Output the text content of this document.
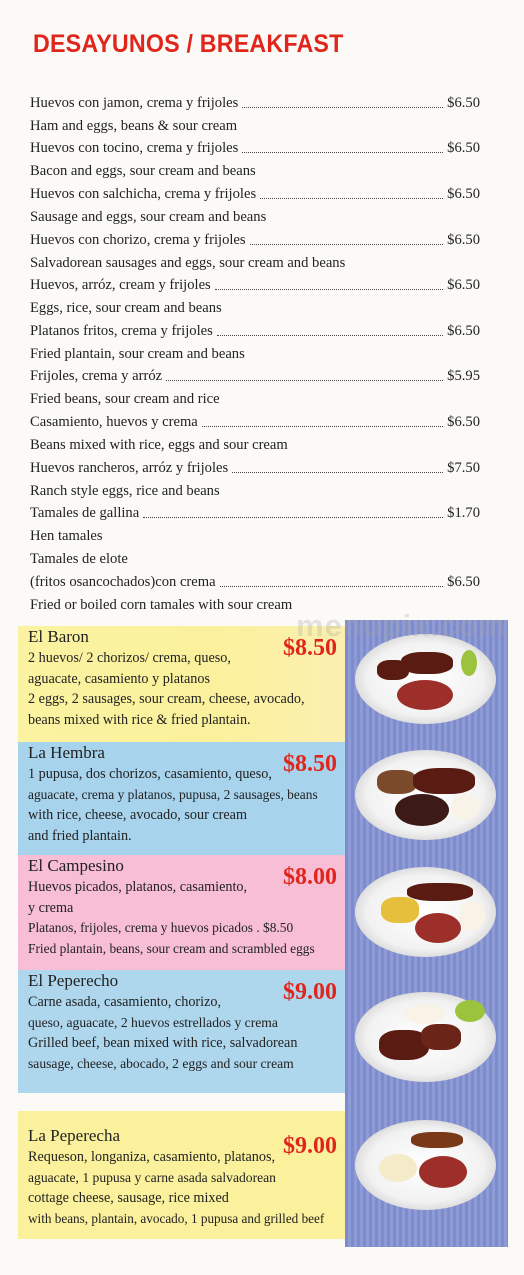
DESAYUNOS / BREAKFAST
Huevos con jamon, crema y frijoles	$6.50
Ham and eggs, beans & sour cream
Huevos con tocino, crema y frijoles	$6.50
Bacon and eggs, sour cream and beans
Huevos con salchicha, crema y frijoles	$6.50
Sausage and eggs, sour cream and beans
Huevos con chorizo, crema y frijoles	$6.50
Salvadorean sausages and eggs, sour cream and beans
Huevos, arróz, cream y frijoles	$6.50
Eggs, rice, sour cream and beans
Platanos fritos, crema y frijoles	$6.50
Fried plantain, sour cream and beans
Frijoles, crema y arróz	$5.95
Fried beans, sour cream and rice
Casamiento, huevos y crema	$6.50
Beans mixed with rice, eggs and sour cream
Huevos rancheros, arróz y frijoles	$7.50
Ranch style eggs, rice and beans
Tamales de gallina	$1.70
Hen tamales
Tamales de elote
(fritos osancochados)con crema	$6.50
Fried or boiled corn tamales with sour cream
El Baron	$8.50
2 huevos/ 2 chorizos/ crema, queso,
aguacate, casamiento y platanos
2 eggs, 2 sausages, sour cream, cheese, avocado,
beans mixed with rice & fried plantain.
La Hembra	$8.50
1 pupusa, dos chorizos, casamiento, queso,
aguacate, crema y platanos, pupusa, 2 sausages, beans
with rice, cheese, avocado, sour cream
and fried plantain.
El Campesino	$8.00
Huevos picados, platanos, casamiento,
y crema
Platanos, frijoles, crema y huevos picados . $8.50
Fried plantain, beans, sour cream and scrambled eggs
El Peperecho	$9.00
Carne asada, casamiento, chorizo,
queso, aguacate, 2 huevos estrellados y crema
Grilled beef, bean mixed with rice, salvadorean
sausage, cheese, abocado, 2 eggs and sour cream
La Peperecha	$9.00
Requeson, longaniza, casamiento, platanos,
aguacate, 1 pupusa y carne asada salvadorean
cottage cheese, sausage, rice mixed
with beans, plantain, avocado, 1 pupusa and grilled beef
menupix.com
